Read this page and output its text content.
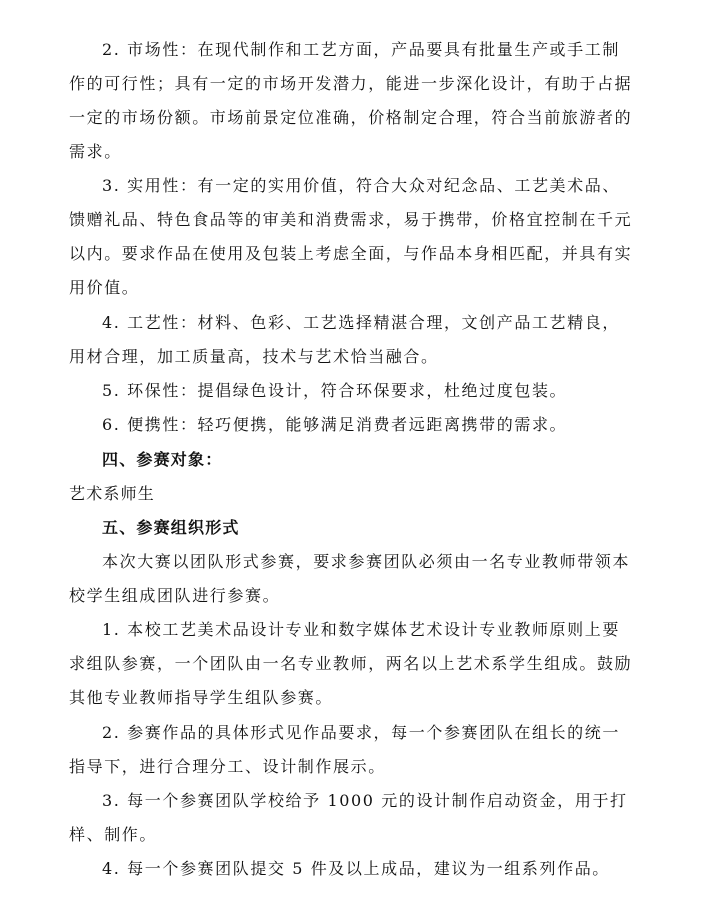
2. 市场性：在现代制作和工艺方面，产品要具有批量生产或手工制
作的可行性；具有一定的市场开发潜力，能进一步深化设计，有助于占据
一定的市场份额。市场前景定位准确，价格制定合理，符合当前旅游者的
需求。
3. 实用性：有一定的实用价值，符合大众对纪念品、工艺美术品、
馈赠礼品、特色食品等的审美和消费需求，易于携带，价格宜控制在千元
以内。要求作品在使用及包装上考虑全面，与作品本身相匹配，并具有实
用价值。
4. 工艺性：材料、色彩、工艺选择精湛合理，文创产品工艺精良，
用材合理，加工质量高，技术与艺术恰当融合。
5. 环保性：提倡绿色设计，符合环保要求，杜绝过度包装。
6. 便携性：轻巧便携，能够满足消费者远距离携带的需求。
四、参赛对象：
艺术系师生
五、参赛组织形式
本次大赛以团队形式参赛，要求参赛团队必须由一名专业教师带领本
校学生组成团队进行参赛。
1. 本校工艺美术品设计专业和数字媒体艺术设计专业教师原则上要
求组队参赛，一个团队由一名专业教师，两名以上艺术系学生组成。鼓励
其他专业教师指导学生组队参赛。
2. 参赛作品的具体形式见作品要求，每一个参赛团队在组长的统一
指导下，进行合理分工、设计制作展示。
3. 每一个参赛团队学校给予 1000 元的设计制作启动资金，用于打
样、制作。
4. 每一个参赛团队提交 5 件及以上成品，建议为一组系列作品。
